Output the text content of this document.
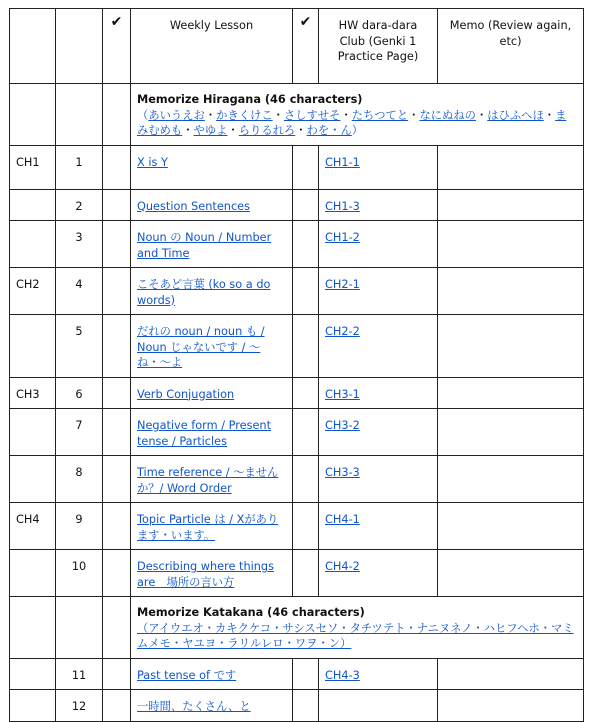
		✔	Weekly Lesson	✔	HW dara-dara Club (Genki 1 Practice Page)	Memo (Review again, etc)

			Memorize Hiragana (46 characters)
（あいうえお・かきくけこ・さしすせそ・たちつてと・なにぬねの・はひふへほ・まみむめも・やゆよ・らりるれろ・わを・ん）			

CH1	1		X is Y		CH1-1	
	2		Question Sentences		CH1-3	
	3		Noun の Noun / Number and Time		CH1-2	
CH2	4		こそあど言葉 (ko so a do words)		CH2-1	
	5		だれの noun / noun も / Noun じゃないです / 〜ね・〜よ		CH2-2	
CH3	6		Verb Conjugation		CH3-1	
	7		Negative form / Present tense / Particles		CH3-2	
	8		Time reference / 〜ません か？/ Word Order		CH3-3	
CH4	9		Topic Particle は / Xがあり ます・います。		CH4-1	
	10		Describing where things are　場所の言い方		CH4-2	

			Memorize Katakana (46 characters)
（アイウエオ・カキクケコ・サシスセソ・タチツテト・ナニヌネノ・ハヒフヘホ・マミムメモ・ヤユヨ・ラリルレロ・ワヲ・ン）			
	11		Past tense of です		CH4-3	
	12		一時間、たくさん、と			
